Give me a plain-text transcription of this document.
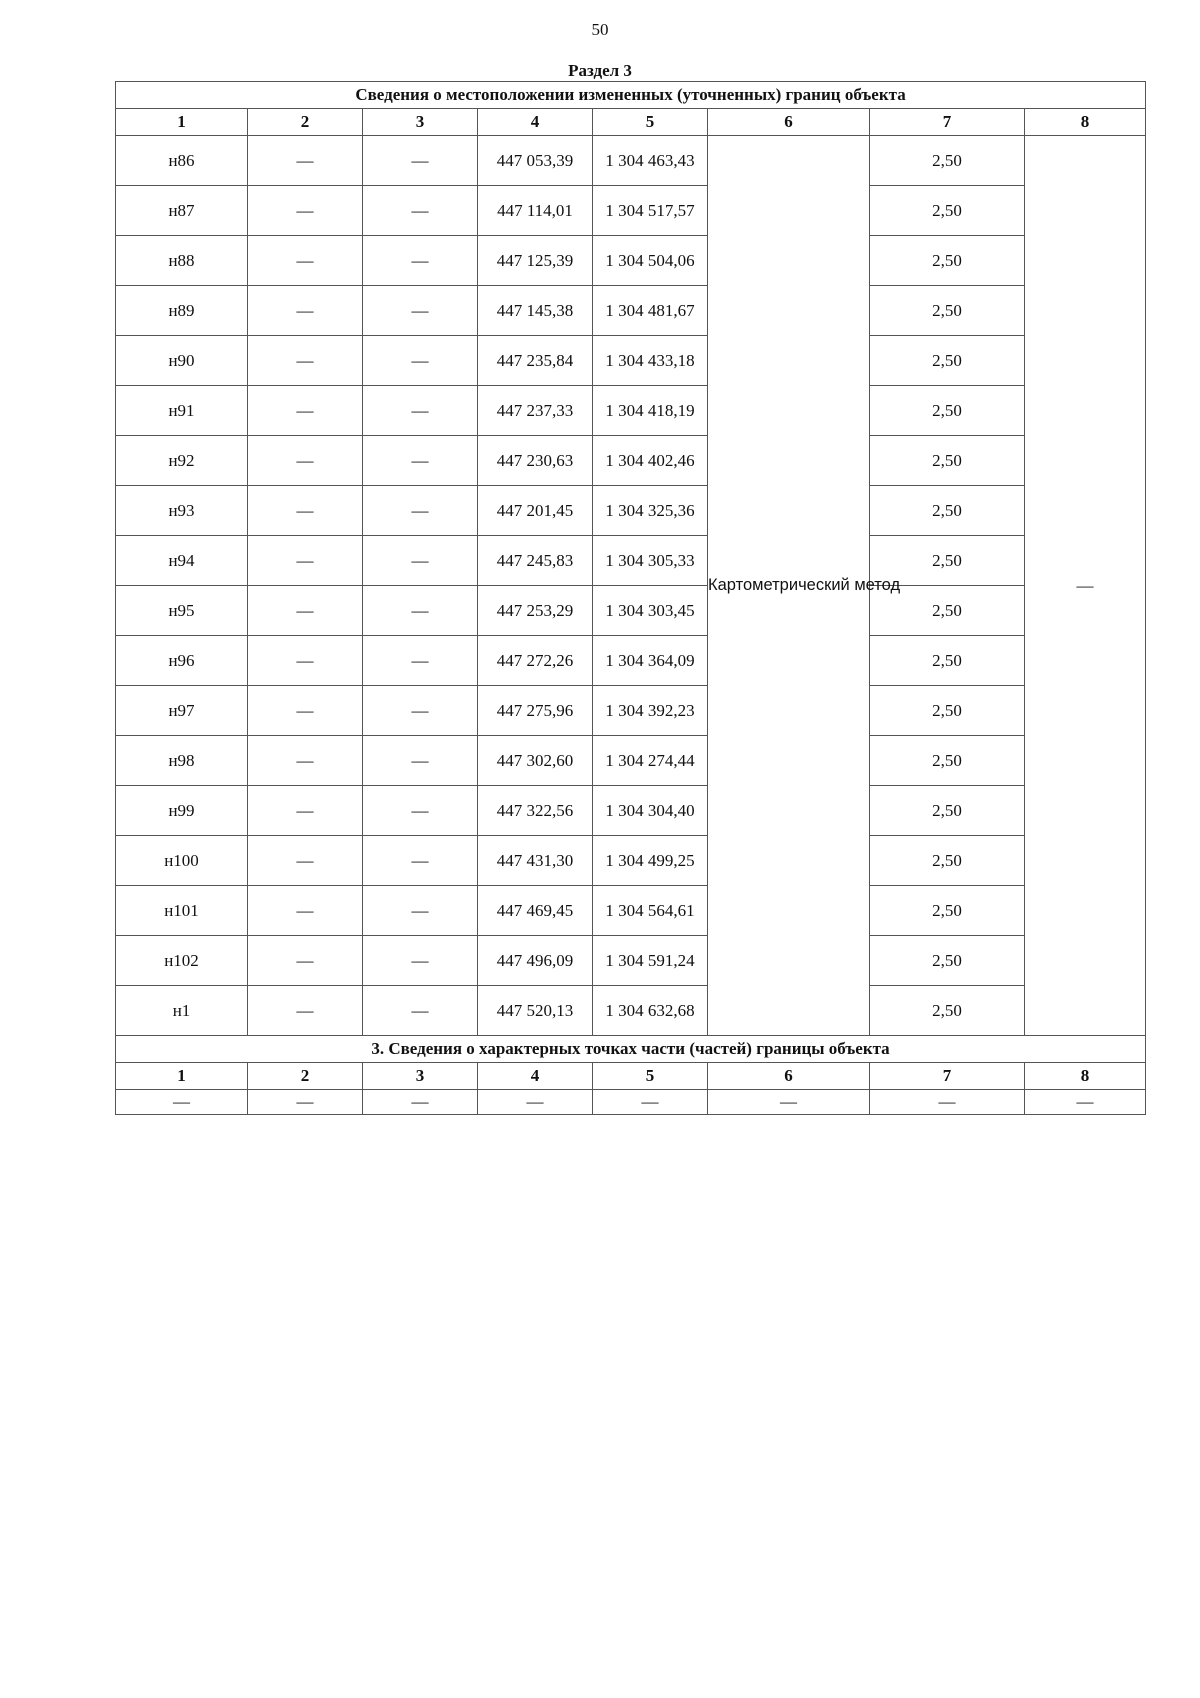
50
Раздел 3
Сведения о местоположении измененных (уточненных) границ объекта							
1	2	3	4	5	6	7	8
н86	—	—	447 053,39	1 304 463,43	Картометрический метод	2,50	—
н87	—	—	447 114,01	1 304 517,57		2,50	
н88	—	—	447 125,39	1 304 504,06		2,50	
н89	—	—	447 145,38	1 304 481,67		2,50	
н90	—	—	447 235,84	1 304 433,18		2,50	
н91	—	—	447 237,33	1 304 418,19		2,50	
н92	—	—	447 230,63	1 304 402,46		2,50	
н93	—	—	447 201,45	1 304 325,36		2,50	
н94	—	—	447 245,83	1 304 305,33		2,50	
н95	—	—	447 253,29	1 304 303,45		2,50	
н96	—	—	447 272,26	1 304 364,09		2,50	
н97	—	—	447 275,96	1 304 392,23		2,50	
н98	—	—	447 302,60	1 304 274,44		2,50	
н99	—	—	447 322,56	1 304 304,40		2,50	
н100	—	—	447 431,30	1 304 499,25		2,50	
н101	—	—	447 469,45	1 304 564,61		2,50	
н102	—	—	447 496,09	1 304 591,24		2,50	
н1	—	—	447 520,13	1 304 632,68		2,50	
3. Сведения о характерных точках части (частей) границы объекта							
1	2	3	4	5	6	7	8
—	—	—	—	—	—	—	—
